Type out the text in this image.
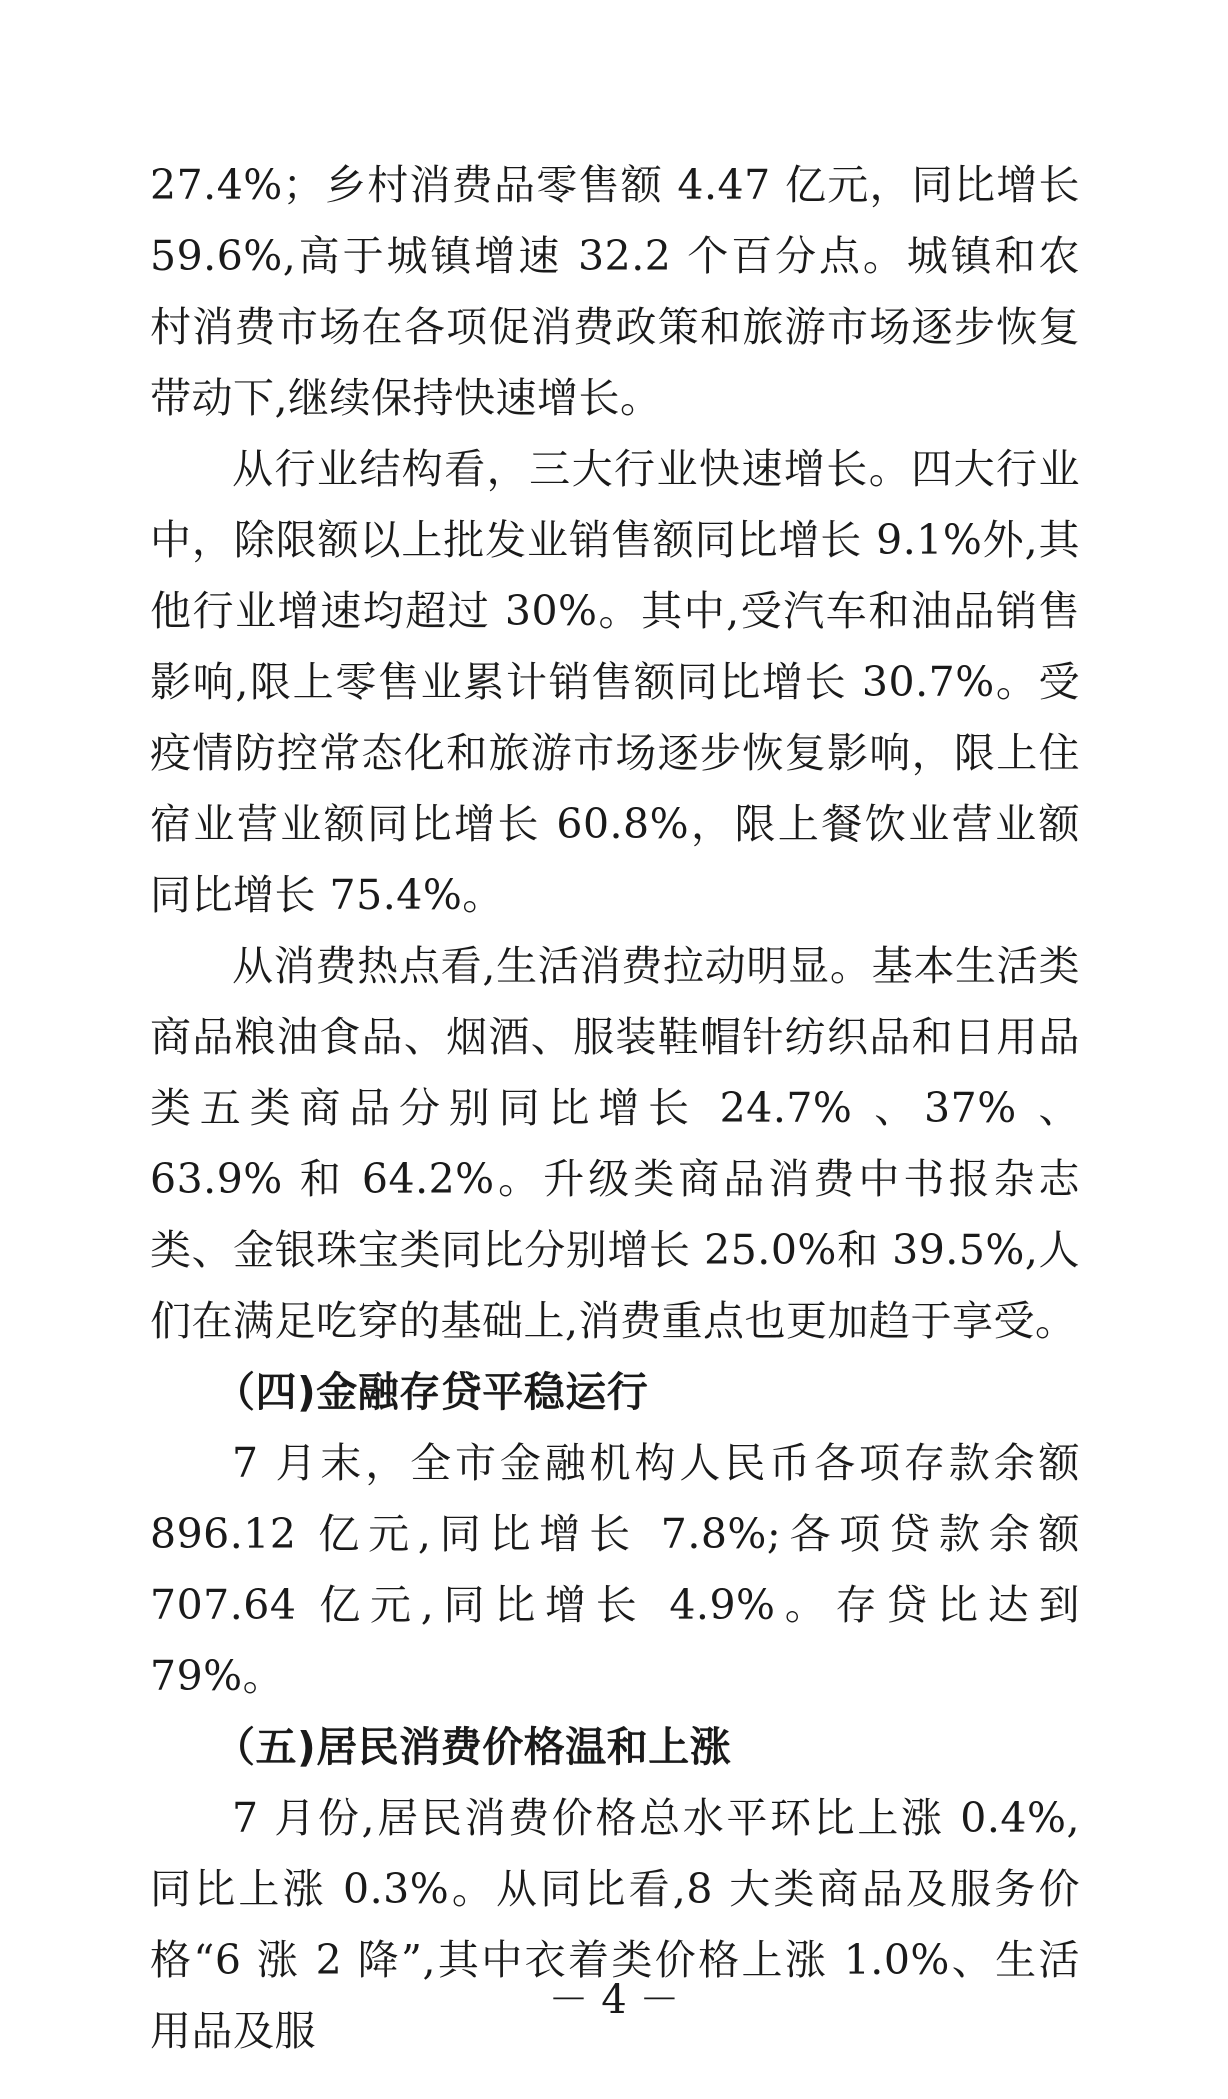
27.4%；乡村消费品零售额 4.47 亿元，同比增长 59.6%,高于城镇增速 32.2 个百分点。城镇和农村消费市场在各项促消费政策和旅游市场逐步恢复带动下,继续保持快速增长。

从行业结构看，三大行业快速增长。四大行业中，除限额以上批发业销售额同比增长 9.1%外,其他行业增速均超过 30%。其中,受汽车和油品销售影响,限上零售业累计销售额同比增长 30.7%。受疫情防控常态化和旅游市场逐步恢复影响，限上住宿业营业额同比增长 60.8%，限上餐饮业营业额同比增长 75.4%。

从消费热点看,生活消费拉动明显。基本生活类商品粮油食品、烟酒、服装鞋帽针纺织品和日用品类五类商品分别同比增长 24.7% 、37% 、63.9% 和 64.2%。升级类商品消费中书报杂志类、金银珠宝类同比分别增长 25.0%和 39.5%,人们在满足吃穿的基础上,消费重点也更加趋于享受。

（四)金融存贷平稳运行

7 月末，全市金融机构人民币各项存款余额 896.12 亿元,同比增长 7.8%;各项贷款余额 707.64 亿元,同比增长 4.9%。存贷比达到 79%。

（五)居民消费价格温和上涨

7 月份,居民消费价格总水平环比上涨 0.4%,同比上涨 0.3%。从同比看,8 大类商品及服务价格“6 涨 2 降”,其中衣着类价格上涨 1.0%、生活用品及服

－ 4 －
